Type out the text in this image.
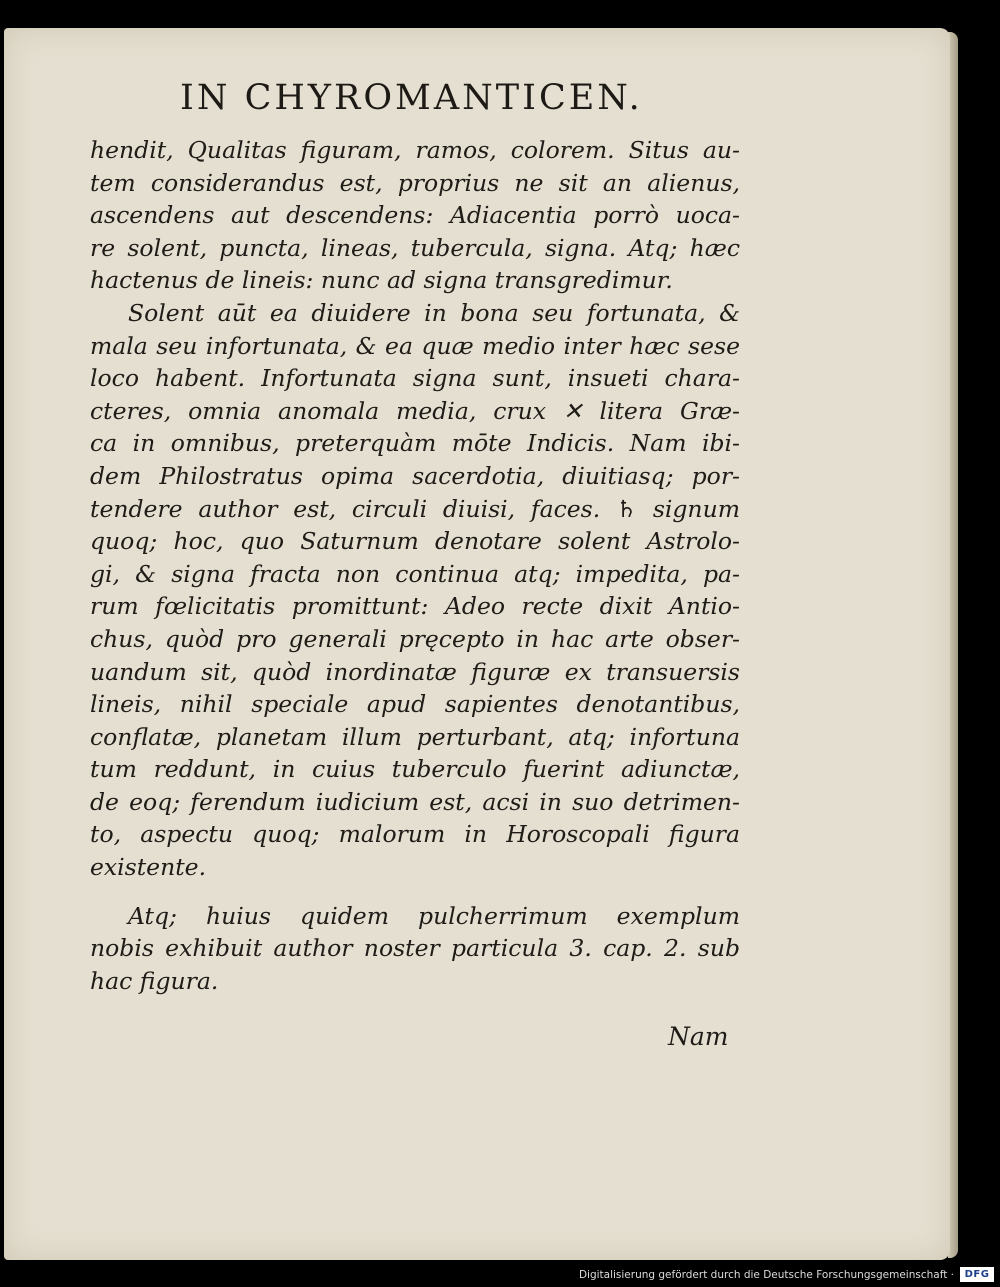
IN CHYROMANTICEN.
hendit, Qualitas figuram, ramos, colorem. Situs au-
tem considerandus est, proprius ne sit an alienus,
ascendens aut descendens: Adiacentia porrò uoca-
re solent, puncta, lineas, tubercula, signa. Atq; hæc
hactenus de lineis: nunc ad signa transgredimur.
Solent aūt ea diuidere in bona seu fortunata, &
mala seu infortunata, & ea quæ medio inter hæc sese
loco habent. Infortunata signa sunt, insueti chara-
cteres, omnia anomala media, crux ✕ litera Græ-
ca in omnibus, preterquàm mōte Indicis. Nam ibi-
dem Philostratus opima sacerdotia, diuitiasq; por-
tendere author est, circuli diuisi, faces. ♄ signum
quoq; hoc, quo Saturnum denotare solent Astrolo-
gi, & signa fracta non continua atq; impedita, pa-
rum fœlicitatis promittunt: Adeo recte dixit Antio-
chus, quòd pro generali pręcepto in hac arte obser-
uandum sit, quòd inordinatæ figuræ ex transuersis
lineis, nihil speciale apud sapientes denotantibus,
conflatæ, planetam illum perturbant, atq; infortuna
tum reddunt, in cuius tuberculo fuerint adiunctæ,
de eoq; ferendum iudicium est, acsi in suo detrimen-
to, aspectu quoq; malorum in Horoscopali figura
existente.
Atq; huius quidem pulcherrimum exemplum
nobis exhibuit author noster particula 3. cap. 2. sub
hac figura.
Nam
Digitalisierung gefördert durch die Deutsche Forschungsgemeinschaft ·	DFG
